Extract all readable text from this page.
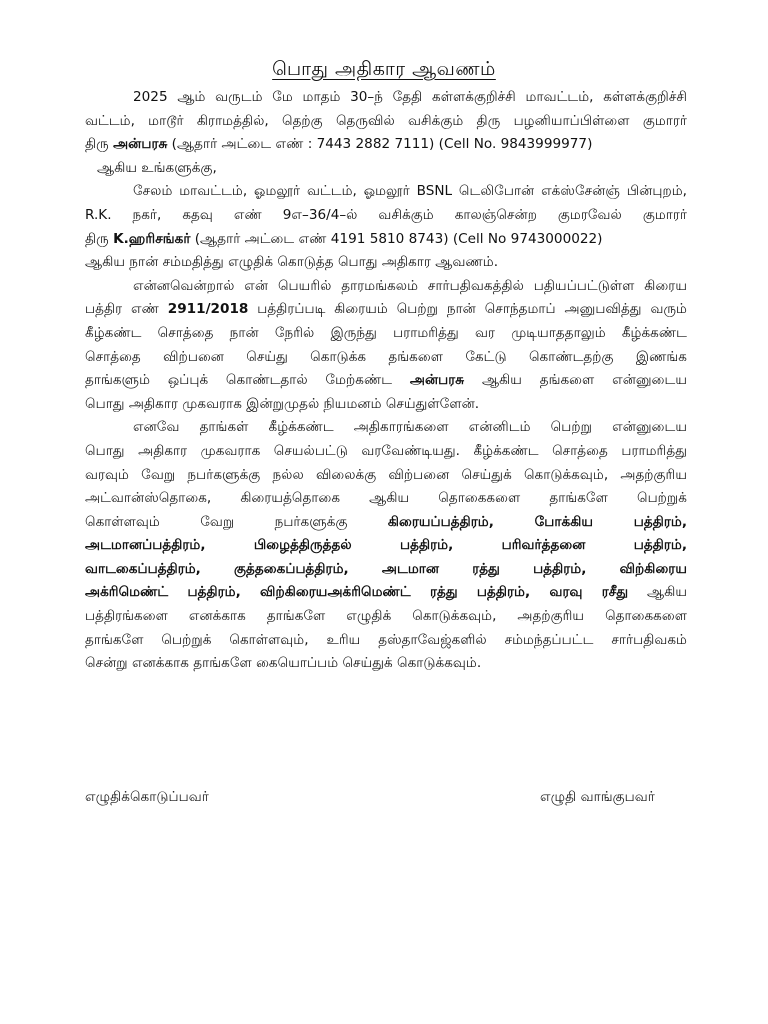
பொது அதிகார ஆவணம்
2025 ஆம் வருடம் மே மாதம் 30–ந் தேதி கள்ளக்குறிச்சி மாவட்டம், கள்ளக்குறிச்சி
வட்டம், மாடூர் கிராமத்தில், தெற்கு தெருவில் வசிக்கும் திரு பழனியாப்பிள்ளை குமாரர்
திரு அன்பரசு (ஆதார் அட்டை எண் : 7443 2882 7111) (Cell No. 9843999977)
ஆகிய உங்களுக்கு,
சேலம் மாவட்டம், ஓமலூர் வட்டம், ஓமலூர் BSNL டெலிபோன் எக்ஸ்சேன்ஞ் பின்புறம்,
R.K. நகர், கதவு எண் 9எ–36/4–ல் வசிக்கும் காலஞ்சென்ற குமரவேல் குமாரர்
திரு K.ஹரிசங்கர் (ஆதார் அட்டை எண் 4191 5810 8743) (Cell No 9743000022)
ஆகிய நான் சம்மதித்து எழுதிக் கொடுத்த பொது அதிகார ஆவணம்.
என்னவென்றால் என் பெயரில் தாரமங்கலம் சார்பதிவகத்தில் பதியப்பட்டுள்ள கிரைய
பத்திர எண் 2911/2018 பத்திரப்படி கிரையம் பெற்று நான் சொந்தமாப் அனுபவித்து வரும்
கீழ்கண்ட சொத்தை நான் நேரில் இருந்து பராமரித்து வர முடியாததாலும் கீழ்க்கண்ட
சொத்தை விற்பனை செய்து கொடுக்க தங்களை கேட்டு கொண்டதற்கு இணங்க
தாங்களும் ஒப்புக் கொண்டதால் மேற்கண்ட அன்பரசு ஆகிய தங்களை என்னுடைய
பொது அதிகார முகவராக இன்றுமுதல் நியமனம் செய்துள்ளேன்.
எனவே தாங்கள் கீழ்க்கண்ட அதிகாரங்களை என்னிடம் பெற்று என்னுடைய
பொது அதிகார முகவராக செயல்பட்டு வரவேண்டியது. கீழ்க்கண்ட சொத்தை பராமரித்து
வரவும் வேறு நபர்களுக்கு நல்ல விலைக்கு விற்பனை செய்துக் கொடுக்கவும், அதற்குரிய
அட்வான்ஸ்தொகை, கிரையத்தொகை ஆகிய தொகைகளை தாங்களே பெற்றுக்
கொள்ளவும் வேறு நபர்களுக்கு கிரையப்பத்திரம், போக்கிய பத்திரம்,
அடமானப்பத்திரம், பிழைத்திருத்தல் பத்திரம், பரிவர்த்தனை பத்திரம்,
வாடகைப்பத்திரம், குத்தகைப்பத்திரம், அடமான ரத்து பத்திரம், விற்கிரைய
அக்ரிமெண்ட் பத்திரம், விற்கிரையஅக்ரிமெண்ட் ரத்து பத்திரம், வரவு ரசீது ஆகிய
பத்திரங்களை எனக்காக தாங்களே எழுதிக் கொடுக்கவும், அதற்குரிய தொகைகளை
தாங்களே பெற்றுக் கொள்ளவும், உரிய தஸ்தாவேஜ்களில் சம்மந்தப்பட்ட சார்பதிவகம்
சென்று எனக்காக தாங்களே கையொப்பம் செய்துக் கொடுக்கவும்.
எழுதிக்கொடுப்பவர்	எழுதி வாங்குபவர்
